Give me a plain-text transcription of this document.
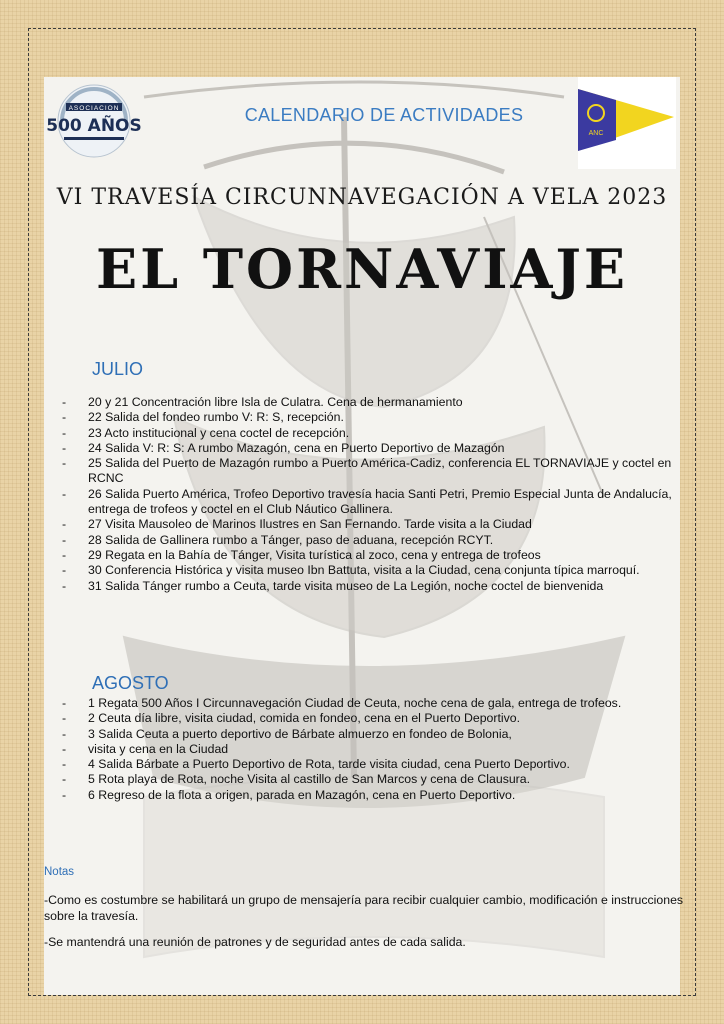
ASOCIACION
500 AÑOS
CALENDARIO DE ACTIVIDADES
ANC
VI TRAVESÍA CIRCUNNAVEGACIÓN A VELA 2023
EL TORNAVIAJE
JULIO
- 20 y 21 Concentración libre Isla de Culatra. Cena de hermanamiento
- 22 Salida del fondeo rumbo V: R: S, recepción.
- 23 Acto institucional y cena coctel de recepción.
- 24 Salida V: R: S: A rumbo Mazagón, cena en Puerto Deportivo de Mazagón
- 25 Salida del Puerto de Mazagón rumbo a Puerto América-Cadiz, conferencia EL TORNAVIAJE y coctel en RCNC
- 26 Salida Puerto América, Trofeo Deportivo travesía hacia Santi Petri, Premio Especial Junta de Andalucía, entrega de trofeos y coctel en el Club Náutico Gallinera.
- 27 Visita Mausoleo de Marinos Ilustres en San Fernando. Tarde visita a la Ciudad
- 28 Salida de Gallinera rumbo a Tánger, paso de aduana, recepción RCYT.
- 29 Regata en la Bahía de Tánger, Visita turística al zoco, cena y entrega de trofeos
- 30 Conferencia Histórica y visita museo Ibn Battuta, visita a la Ciudad, cena conjunta típica marroquí.
- 31 Salida Tánger rumbo a Ceuta, tarde visita museo de La Legión, noche coctel de bienvenida
AGOSTO
- 1 Regata 500 Años I Circunnavegación Ciudad de Ceuta, noche cena de gala, entrega de trofeos.
- 2 Ceuta día libre, visita ciudad, comida en fondeo, cena en el Puerto Deportivo.
- 3 Salida Ceuta a puerto deportivo de Bárbate almuerzo en fondeo de Bolonia,
- visita y cena en la Ciudad
- 4 Salida Bárbate a Puerto Deportivo de Rota, tarde visita ciudad, cena Puerto Deportivo.
- 5 Rota playa de Rota, noche Visita al castillo de San Marcos y cena de Clausura.
- 6 Regreso de la flota a origen, parada en Mazagón, cena en Puerto Deportivo.
Notas
-Como es costumbre se habilitará un grupo de mensajería para recibir cualquier cambio, modificación e instrucciones sobre la travesía.
-Se mantendrá una reunión de patrones y de seguridad antes de cada salida.
